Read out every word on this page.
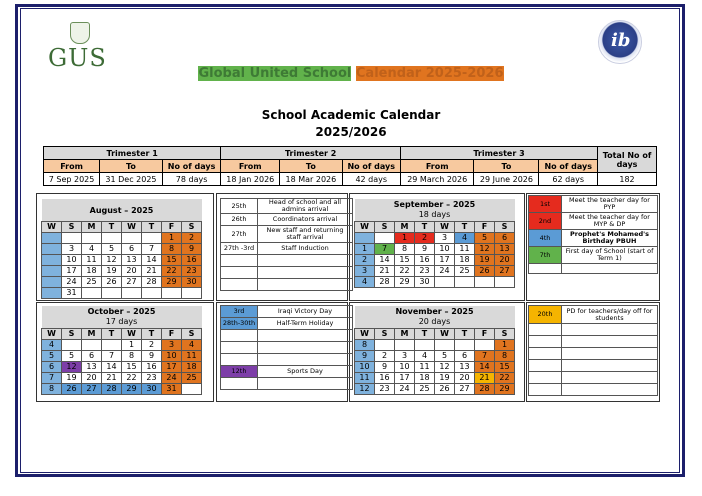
GUS
ib
Global United School Calendar 2025-2026
School Academic Calendar
2025/2026
Trimester 1			Trimester 2			Trimester 3			Total No of days
From	To	No of days	From	To	No of days	From	To	No of days	
7 Sep 2025	31 Dec 2025	78 days	18 Jan 2026	18 Mar 2026	42 days	29 March 2026	29 June 2026	62 days	182
August – 2025							
W	S	M	T	W	T	F	S
						1	2
	3	4	5	6	7	8	9
	10	11	12	13	14	15	16
	17	18	19	20	21	22	23
	24	25	26	27	28	29	30
	31						
September – 2025
18 days							
W	S	M	T	W	T	F	S
		1	2	3	4	5	6
1	7	8	9	10	11	12	13
2	14	15	16	17	18	19	20
3	21	22	23	24	25	26	27
4	28	29	30				
October – 2025
17 days							
W	S	M	T	W	T	F	S
4				1	2	3	4
5	5	6	7	8	9	10	11
6	12	13	14	15	16	17	18
7	19	20	21	22	23	24	25
8	26	27	28	29	30	31	
November – 2025
20 days							
W	S	M	T	W	T	F	S
8							1
9	2	3	4	5	6	7	8
10	9	10	11	12	13	14	15
11	16	17	18	19	20	21	22
12	23	24	25	26	27	28	29
25th	Head of school and all admins arrival
26th	Coordinators arrival
27th	New staff and returning staff arrival
27th -3rd	Staff Induction

3rd	Iraqi Victory Day
28th-30th	Half-Term Holiday

12th	Sports Day

1st	Meet the teacher day for PYP
2nd	Meet the teacher day for MYP & DP
4th	Prophet's Mohamed's Birthday PBUH
7th	First day of School (start of Term 1)

20th	PD for teachers/day off for students
